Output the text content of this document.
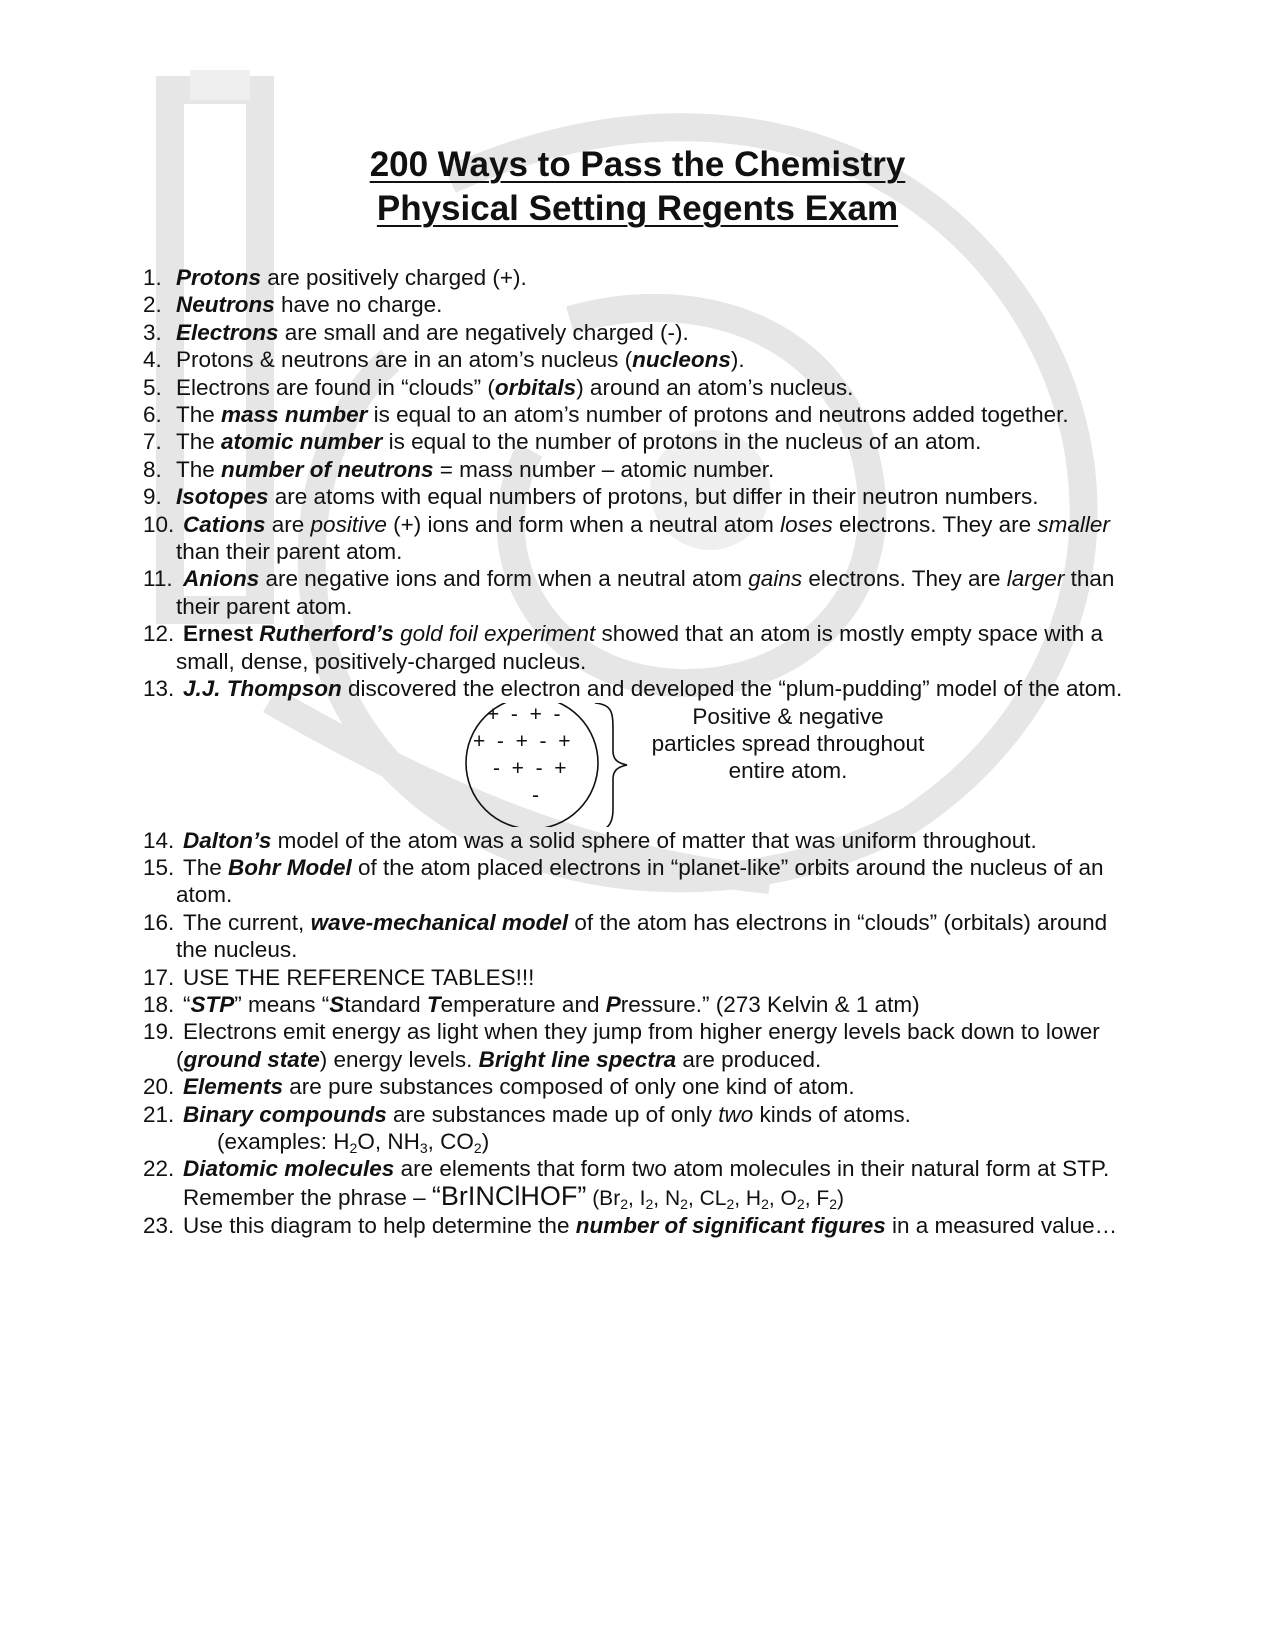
200 Ways to Pass the Chemistry
Physical Setting Regents Exam
1. Protons are positively charged (+).
2. Neutrons have no charge.
3. Electrons are small and are negatively charged (-).
4. Protons & neutrons are in an atom’s nucleus (nucleons).
5. Electrons are found in “clouds” (orbitals) around an atom’s nucleus.
6. The mass number is equal to an atom’s number of protons and neutrons added together.
7. The atomic number is equal to the number of protons in the nucleus of an atom.
8. The number of neutrons = mass number – atomic number.
9. Isotopes are atoms with equal numbers of protons, but differ in their neutron numbers.
10. Cations are positive (+) ions and form when a neutral atom loses electrons. They are smaller than their parent atom.
11. Anions are negative ions and form when a neutral atom gains electrons. They are larger than their parent atom.
12. Ernest Rutherford’s gold foil experiment showed that an atom is mostly empty space with a small, dense, positively-charged nucleus.
13. J.J. Thompson discovered the electron and developed the “plum-pudding” model of the atom.
+  -  +  -
+  -  +  -  +
-  +  -  +
-
Positive & negative
particles spread throughout
entire atom.
14. Dalton’s model of the atom was a solid sphere of matter that was uniform throughout.
15. The Bohr Model of the atom placed electrons in “planet-like” orbits around the nucleus of an atom.
16. The current, wave-mechanical model of the atom has electrons in “clouds” (orbitals) around the nucleus.
17. USE THE REFERENCE TABLES!!!
18. “STP” means “Standard Temperature and Pressure.” (273 Kelvin & 1 atm)
19. Electrons emit energy as light when they jump from higher energy levels back down to lower (ground state) energy levels. Bright line spectra are produced.
20. Elements are pure substances composed of only one kind of atom.
21. Binary compounds are substances made up of only two kinds of atoms.
(examples: $H_2O$, $NH_3$, $CO_2$)
22. Diatomic molecules are elements that form two atom molecules in their natural form at STP. Remember the phrase – “BrINClHOF” ($Br_2$, $I_2$, $N_2$, $CL_2$, $H_2$, $O_2$, $F_2$)
23. Use this diagram to help determine the number of significant figures in a measured value…
